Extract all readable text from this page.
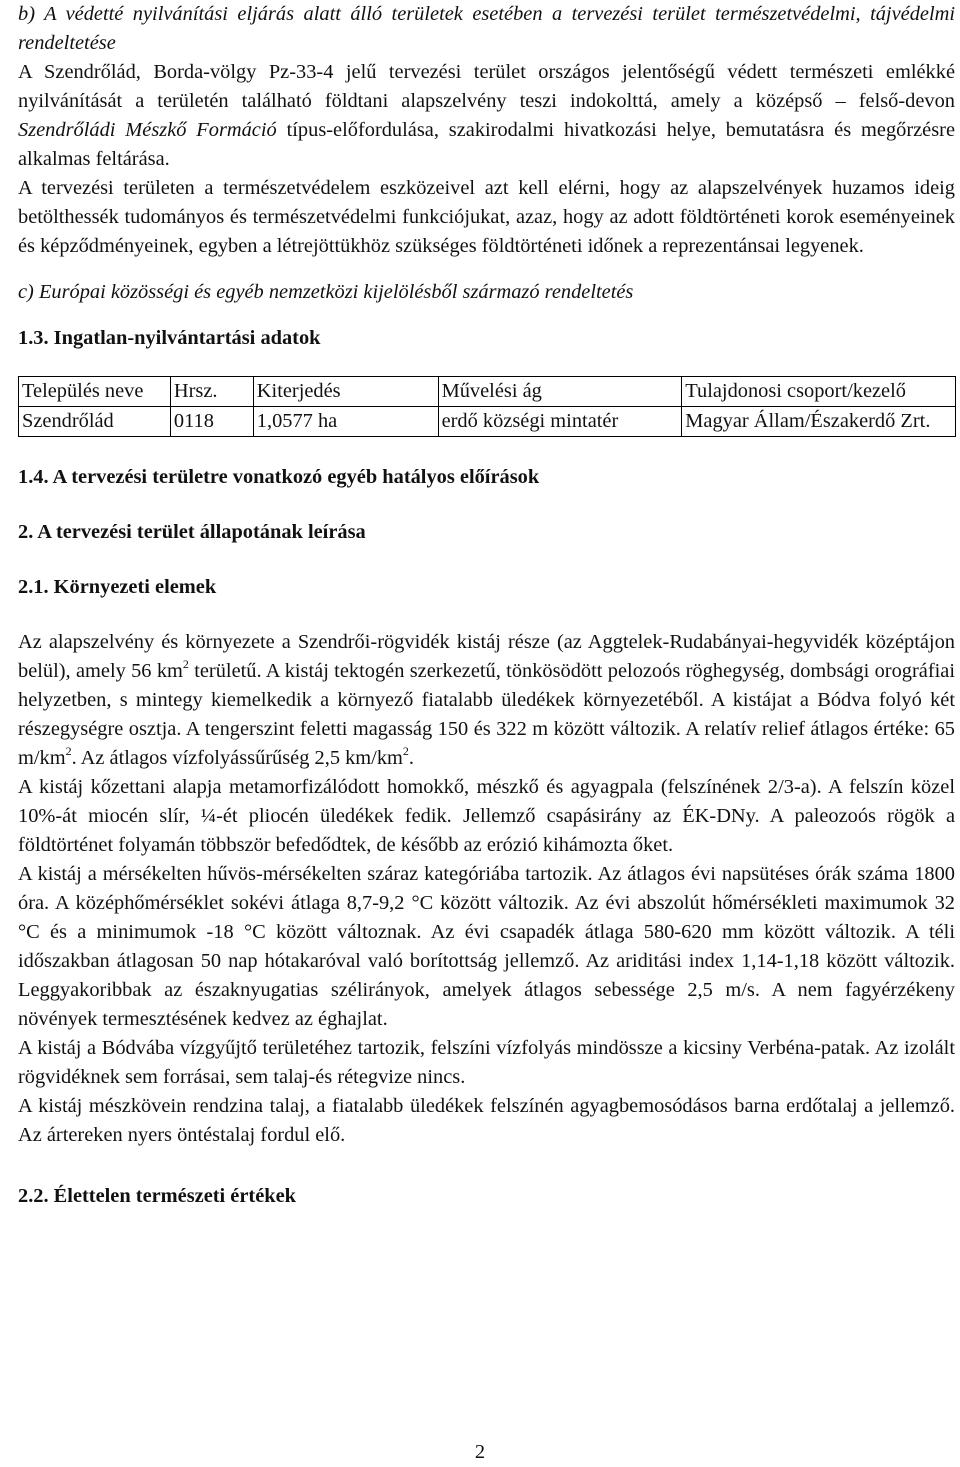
b) A védetté nyilvánítási eljárás alatt álló területek esetében a tervezési terület természetvédelmi, tájvédelmi rendeltetése

A Szendrőlád, Borda-völgy Pz-33-4 jelű tervezési terület országos jelentőségű védett természeti emlékké nyilvánítását a területén található földtani alapszelvény teszi indokolttá, amely a középső – felső-devon Szendrőládi Mészkő Formáció típus-előfordulása, szakirodalmi hivatkozási helye, bemutatásra és megőrzésre alkalmas feltárása.

A tervezési területen a természetvédelem eszközeivel azt kell elérni, hogy az alapszelvények huzamos ideig betölthessék tudományos és természetvédelmi funkciójukat, azaz, hogy az adott földtörténeti korok eseményeinek és képződményeinek, egyben a létrejöttükhöz szükséges földtörténeti időnek a reprezentánsai legyenek.

c) Európai közösségi és egyéb nemzetközi kijelölésből származó rendeltetés

1.3. Ingatlan-nyilvántartási adatok

Település neve	Hrsz.	Kiterjedés	Művelési ág	Tulajdonosi csoport/kezelő
Szendrőlád	0118	1,0577 ha	erdő községi mintatér	Magyar Állam/Északerdő Zrt.

1.4. A tervezési területre vonatkozó egyéb hatályos előírások

2. A tervezési terület állapotának leírása

2.1. Környezeti elemek

Az alapszelvény és környezete a Szendrői-rögvidék kistáj része (az Aggtelek-Rudabányai-hegyvidék középtájon belül), amely 56 $km^2$ területű. A kistáj tektogén szerkezetű, tönkösödött pelozoós röghegység, dombsági orográfiai helyzetben, s mintegy kiemelkedik a környező fiatalabb üledékek környezetéből. A kistájat a Bódva folyó két részegységre osztja. A tengerszint feletti magasság 150 és 322 m között változik. A relatív relief átlagos értéke: 65 $m/km^2$. Az átlagos vízfolyássűrűség 2,5 $km/km^2$.

A kistáj kőzettani alapja metamorfizálódott homokkő, mészkő és agyagpala (felszínének 2/3-a). A felszín közel 10%-át miocén slír, ¼-ét pliocén üledékek fedik. Jellemző csapásirány az ÉK-DNy. A paleozoós rögök a földtörténet folyamán többször befedődtek, de később az erózió kihámozta őket.

A kistáj a mérsékelten hűvös-mérsékelten száraz kategóriába tartozik. Az átlagos évi napsütéses órák száma 1800 óra. A középhőmérséklet sokévi átlaga 8,7-9,2 °C között változik. Az évi abszolút hőmérsékleti maximumok 32 °C és a minimumok -18 °C között változnak. Az évi csapadék átlaga 580-620 mm között változik. A téli időszakban átlagosan 50 nap hótakaróval való borítottság jellemző. Az ariditási index 1,14-1,18 között változik. Leggyakoribbak az északnyugatias szélirányok, amelyek átlagos sebessége 2,5 m/s. A nem fagyérzékeny növények termesztésének kedvez az éghajlat.

A kistáj a Bódvába vízgyűjtő területéhez tartozik, felszíni vízfolyás mindössze a kicsiny Verbéna-patak. Az izolált rögvidéknek sem forrásai, sem talaj-és rétegvize nincs.

A kistáj mészkövein rendzina talaj, a fiatalabb üledékek felszínén agyagbemosódásos barna erdőtalaj a jellemző. Az ártereken nyers öntéstalaj fordul elő.

2.2. Élettelen természeti értékek

2
